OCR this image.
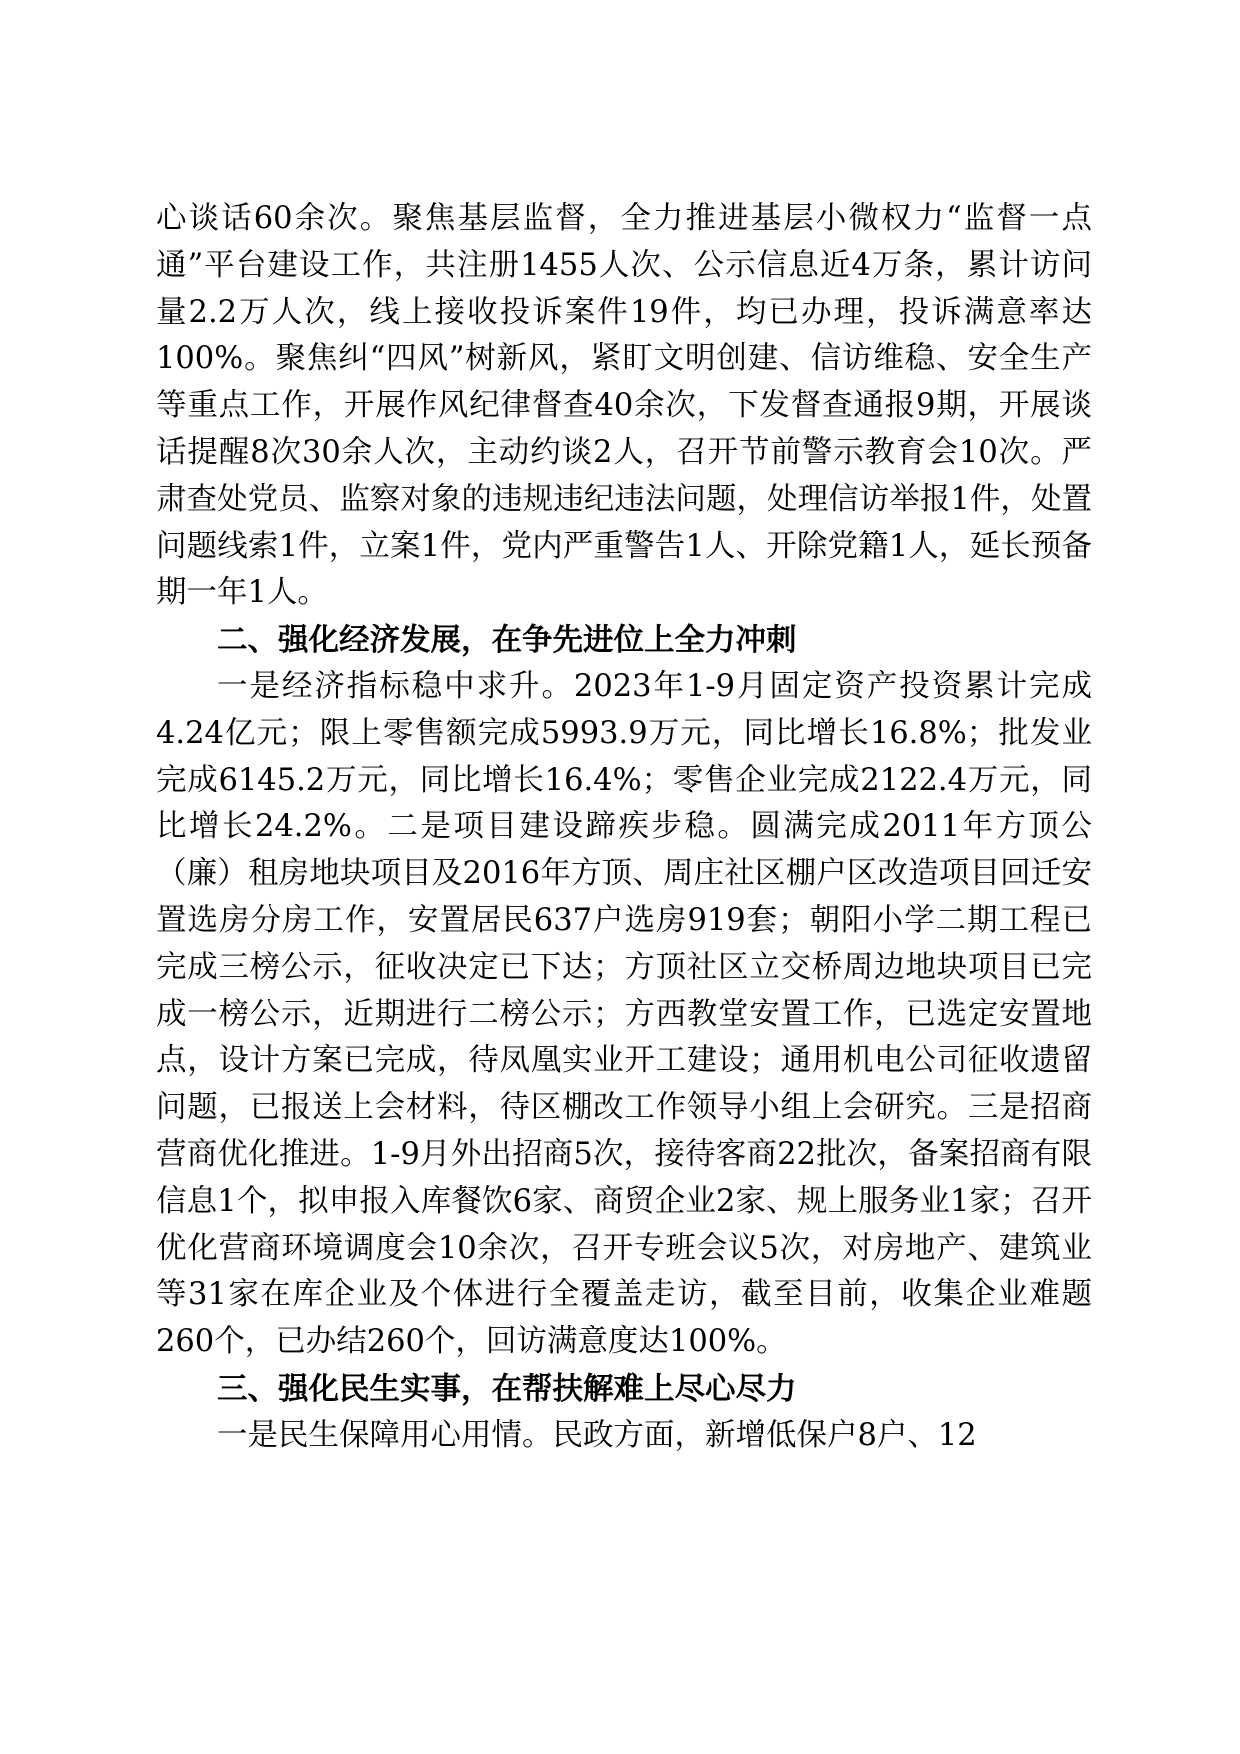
心谈话60余次。聚焦基层监督，全力推进基层小微权力“监督一点通”平台建设工作，共注册1455人次、公示信息近4万条，累计访问量2.2万人次，线上接收投诉案件19件，均已办理，投诉满意率达100%。聚焦纠“四风”树新风，紧盯文明创建、信访维稳、安全生产等重点工作，开展作风纪律督查40余次，下发督查通报9期，开展谈话提醒8次30余人次，主动约谈2人，召开节前警示教育会10次。严肃查处党员、监察对象的违规违纪违法问题，处理信访举报1件，处置问题线索1件，立案1件，党内严重警告1人、开除党籍1人，延长预备期一年1人。

二、强化经济发展，在争先进位上全力冲刺

一是经济指标稳中求升。2023年1-9月固定资产投资累计完成4.24亿元；限上零售额完成5993.9万元，同比增长16.8%；批发业完成6145.2万元，同比增长16.4%；零售企业完成2122.4万元，同比增长24.2%。二是项目建设蹄疾步稳。圆满完成2011年方顶公（廉）租房地块项目及2016年方顶、周庄社区棚户区改造项目回迁安置选房分房工作，安置居民637户选房919套；朝阳小学二期工程已完成三榜公示，征收决定已下达；方顶社区立交桥周边地块项目已完成一榜公示，近期进行二榜公示；方西教堂安置工作，已选定安置地点，设计方案已完成，待凤凰实业开工建设；通用机电公司征收遗留问题，已报送上会材料，待区棚改工作领导小组上会研究。三是招商营商优化推进。1-9月外出招商5次，接待客商22批次，备案招商有限信息1个，拟申报入库餐饮6家、商贸企业2家、规上服务业1家；召开优化营商环境调度会10余次，召开专班会议5次，对房地产、建筑业等31家在库企业及个体进行全覆盖走访，截至目前，收集企业难题260个，已办结260个，回访满意度达100%。

三、强化民生实事，在帮扶解难上尽心尽力

一是民生保障用心用情。民政方面，新增低保户8户、12
